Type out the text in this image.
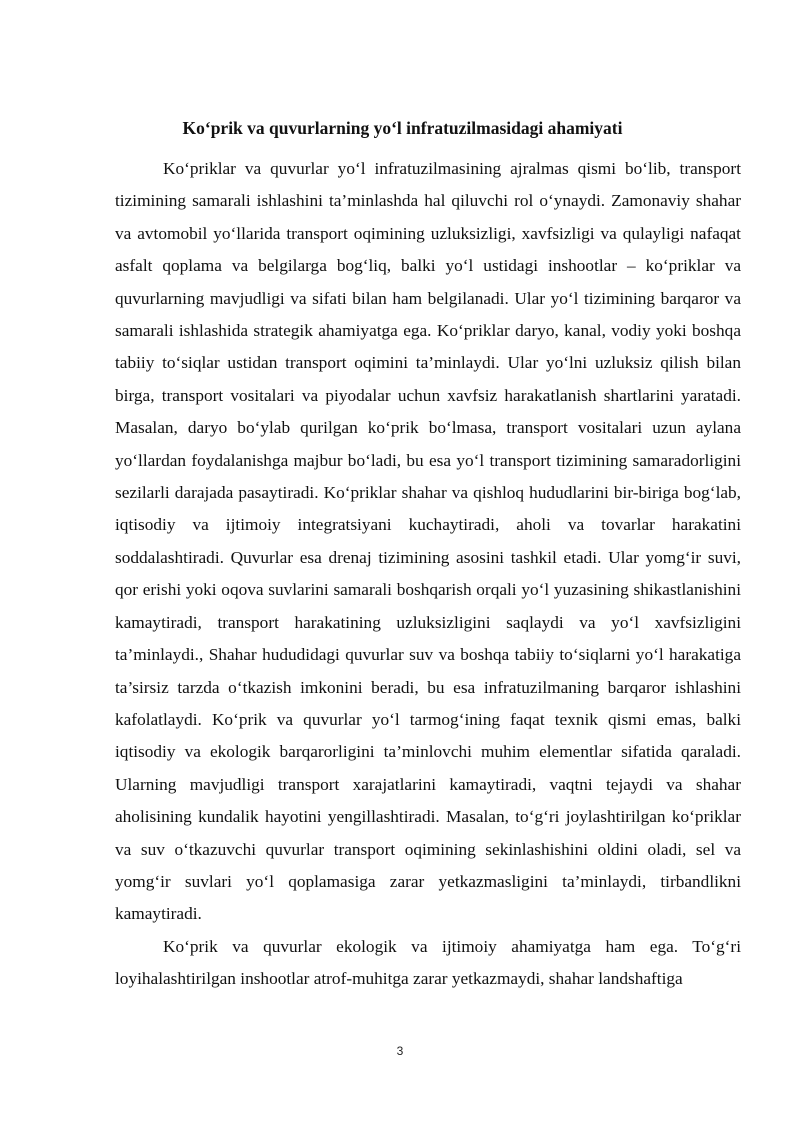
Ko‘prik va quvurlarning yo‘l infratuzilmasidagi ahamiyati

Ko‘priklar va quvurlar yo‘l infratuzilmasining ajralmas qismi bo‘lib, transport tizimining samarali ishlashini ta’minlashda hal qiluvchi rol o‘ynaydi. Zamonaviy shahar va avtomobil yo‘llarida transport oqimining uzluksizligi, xavfsizligi va qulayligi nafaqat asfalt qoplama va belgilarga bog‘liq, balki yo‘l ustidagi inshootlar – ko‘priklar va quvurlarning mavjudligi va sifati bilan ham belgilanadi. Ular yo‘l tizimining barqaror va samarali ishlashida strategik ahamiyatga ega. Ko‘priklar daryo, kanal, vodiy yoki boshqa tabiiy to‘siqlar ustidan transport oqimini ta’minlaydi. Ular yo‘lni uzluksiz qilish bilan birga, transport vositalari va piyodalar uchun xavfsiz harakatlanish shartlarini yaratadi. Masalan, daryo bo‘ylab qurilgan ko‘prik bo‘lmasa, transport vositalari uzun aylana yo‘llardan foydalanishga majbur bo‘ladi, bu esa yo‘l transport tizimining samaradorligini sezilarli darajada pasaytiradi. Ko‘priklar shahar va qishloq hududlarini bir-biriga bog‘lab, iqtisodiy va ijtimoiy integratsiyani kuchaytiradi, aholi va tovarlar harakatini soddalashtiradi. Quvurlar esa drenaj tizimining asosini tashkil etadi. Ular yomg‘ir suvi, qor erishi yoki oqova suvlarini samarali boshqarish orqali yo‘l yuzasining shikastlanishini kamaytiradi, transport harakatining uzluksizligini saqlaydi va yo‘l xavfsizligini ta’minlaydi., Shahar hududidagi quvurlar suv va boshqa tabiiy to‘siqlarni yo‘l harakatiga ta’sirsiz tarzda o‘tkazish imkonini beradi, bu esa infratuzilmaning barqaror ishlashini kafolatlaydi. Ko‘prik va quvurlar yo‘l tarmog‘ining faqat texnik qismi emas, balki iqtisodiy va ekologik barqarorligini ta’minlovchi muhim elementlar sifatida qaraladi. Ularning mavjudligi transport xarajatlarini kamaytiradi, vaqtni tejaydi va shahar aholisining kundalik hayotini yengillashtiradi. Masalan, to‘g‘ri joylashtirilgan ko‘priklar va suv o‘tkazuvchi quvurlar transport oqimining sekinlashishini oldini oladi, sel va yomg‘ir suvlari yo‘l qoplamasiga zarar yetkazmasligini ta’minlaydi, tirbandlikni kamaytiradi.

Ko‘prik va quvurlar ekologik va ijtimoiy ahamiyatga ham ega. To‘g‘ri loyihalashtirilgan inshootlar atrof-muhitga zarar yetkazmaydi, shahar landshaftiga

3
